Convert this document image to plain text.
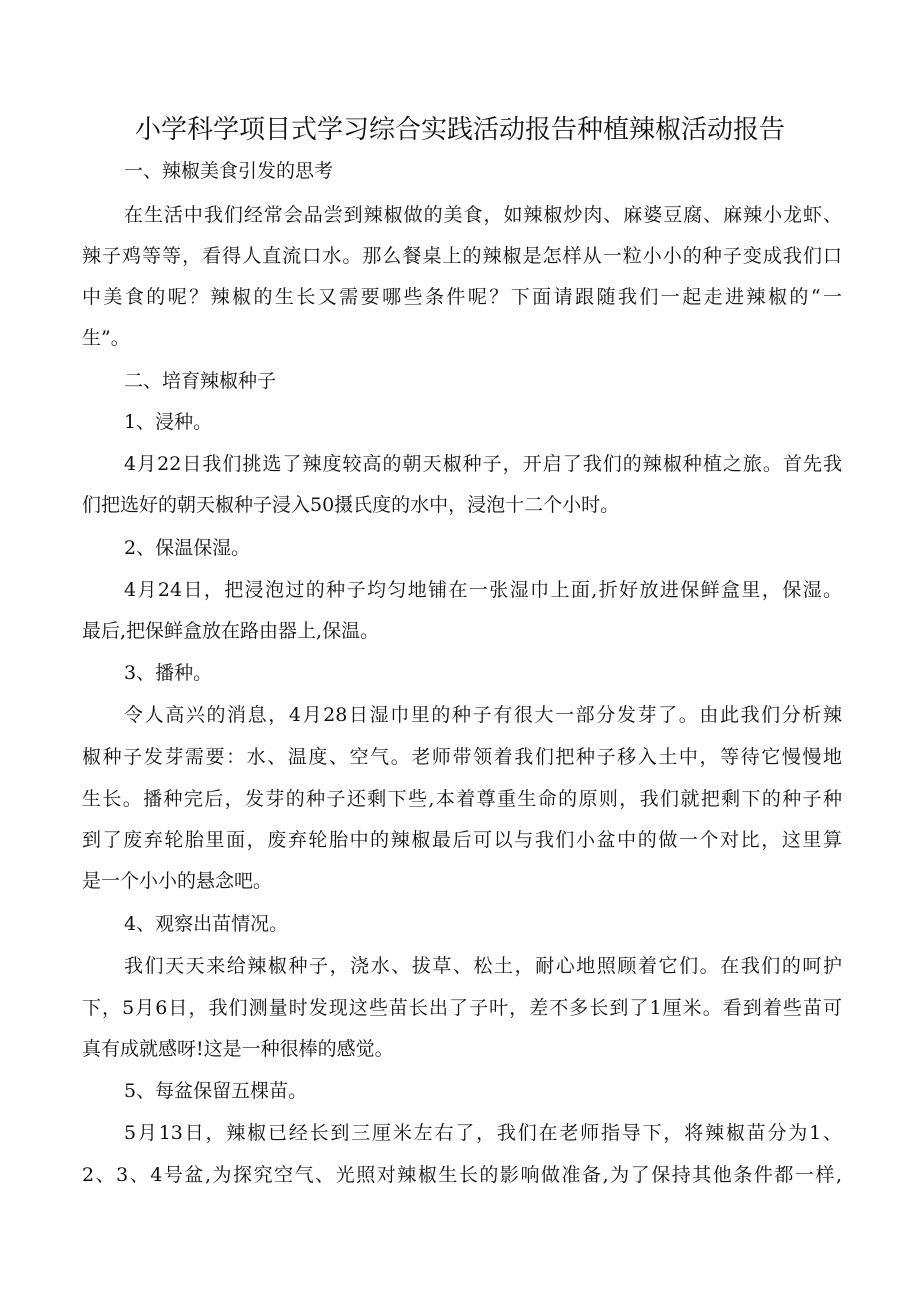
小学科学项目式学习综合实践活动报告种植辣椒活动报告

一、辣椒美食引发的思考

在生活中我们经常会品尝到辣椒做的美食，如辣椒炒肉、麻婆豆腐、麻辣小龙虾、

辣子鸡等等，看得人直流口水。那么餐桌上的辣椒是怎样从一粒小小的种子变成我们口

中美食的呢？辣椒的生长又需要哪些条件呢？下面请跟随我们一起走进辣椒的“一

生”。

二、培育辣椒种子

1、浸种。

4月22日我们挑选了辣度较高的朝天椒种子，开启了我们的辣椒种植之旅。首先我

们把选好的朝天椒种子浸入50摄氏度的水中，浸泡十二个小时。

2、保温保湿。

4月24日，把浸泡过的种子均匀地铺在一张湿巾上面,折好放进保鲜盒里，保湿。

最后,把保鲜盒放在路由器上,保温。

3、播种。

令人高兴的消息，4月28日湿巾里的种子有很大一部分发芽了。由此我们分析辣

椒种子发芽需要：水、温度、空气。老师带领着我们把种子移入土中，等待它慢慢地

生长。播种完后，发芽的种子还剩下些,本着尊重生命的原则，我们就把剩下的种子种

到了废弃轮胎里面，废弃轮胎中的辣椒最后可以与我们小盆中的做一个对比，这里算

是一个小小的悬念吧。

4、观察出苗情况。

我们天天来给辣椒种子，浇水、拔草、松土，耐心地照顾着它们。在我们的呵护

下，5月6日，我们测量时发现这些苗长出了子叶，差不多长到了1厘米。看到着些苗可

真有成就感呀!这是一种很棒的感觉。

5、每盆保留五棵苗。

5月13日，辣椒已经长到三厘米左右了，我们在老师指导下，将辣椒苗分为1、

2、3、4号盆,为探究空气、光照对辣椒生长的影响做准备,为了保持其他条件都一样,
